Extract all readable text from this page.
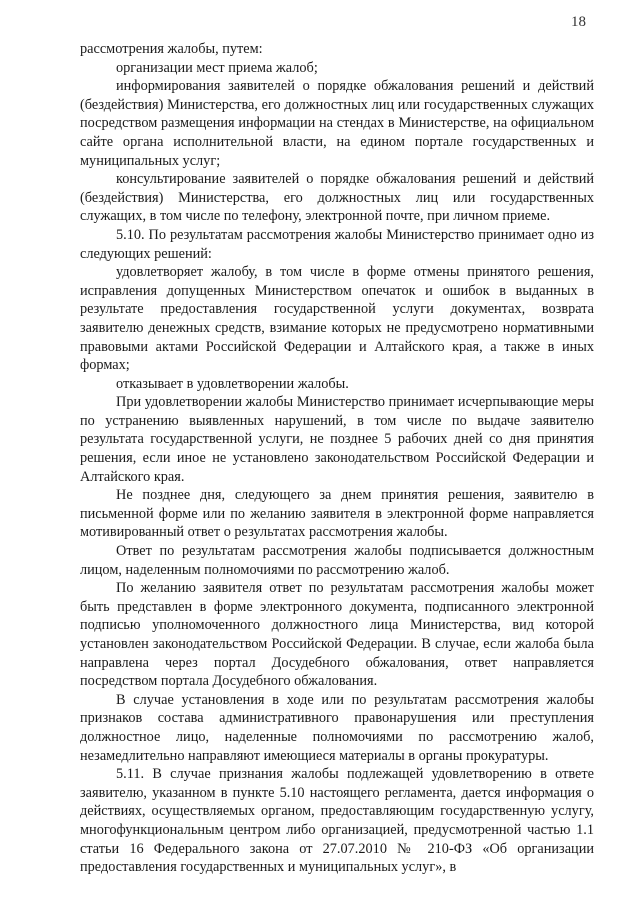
18

рассмотрения жалобы, путем:

организации мест приема жалоб;

информирования заявителей о порядке обжалования решений и действий (бездействия) Министерства, его должностных лиц или государственных служащих посредством размещения информации на стендах в Министерстве, на официальном сайте органа исполнительной власти, на едином портале государственных и муниципальных услуг;

консультирование заявителей о порядке обжалования решений и действий (бездействия) Министерства, его должностных лиц или государственных служащих, в том числе по телефону, электронной почте, при личном приеме.

5.10. По результатам рассмотрения жалобы Министерство принимает одно из следующих решений:

удовлетворяет жалобу, в том числе в форме отмены принятого решения, исправления допущенных Министерством опечаток и ошибок в выданных в результате предоставления государственной услуги документах, возврата заявителю денежных средств, взимание которых не предусмотрено нормативными правовыми актами Российской Федерации и Алтайского края, а также в иных формах;

отказывает в удовлетворении жалобы.

При удовлетворении жалобы Министерство принимает исчерпывающие меры по устранению выявленных нарушений, в том числе по выдаче заявителю результата государственной услуги, не позднее 5 рабочих дней со дня принятия решения, если иное не установлено законодательством Российской Федерации и Алтайского края.

Не позднее дня, следующего за днем принятия решения, заявителю в письменной форме или по желанию заявителя в электронной форме направляется мотивированный ответ о результатах рассмотрения жалобы.

Ответ по результатам рассмотрения жалобы подписывается должностным лицом, наделенным полномочиями по рассмотрению жалоб.

По желанию заявителя ответ по результатам рассмотрения жалобы может быть представлен в форме электронного документа, подписанного электронной подписью уполномоченного должностного лица Министерства, вид которой установлен законодательством Российской Федерации. В случае, если жалоба была направлена через портал Досудебного обжалования, ответ направляется посредством портала Досудебного обжалования.

В случае установления в ходе или по результатам рассмотрения жалобы признаков состава административного правонарушения или преступления должностное лицо, наделенные полномочиями по рассмотрению жалоб, незамедлительно направляют имеющиеся материалы в органы прокуратуры.

5.11. В случае признания жалобы подлежащей удовлетворению в ответе заявителю, указанном в пункте 5.10 настоящего регламента, дается информация о действиях, осуществляемых органом, предоставляющим государственную услугу, многофункциональным центром либо организацией, предусмотренной частью 1.1 статьи 16 Федерального закона от 27.07.2010 № 210-ФЗ «Об организации предоставления государственных и муниципальных услуг», в
